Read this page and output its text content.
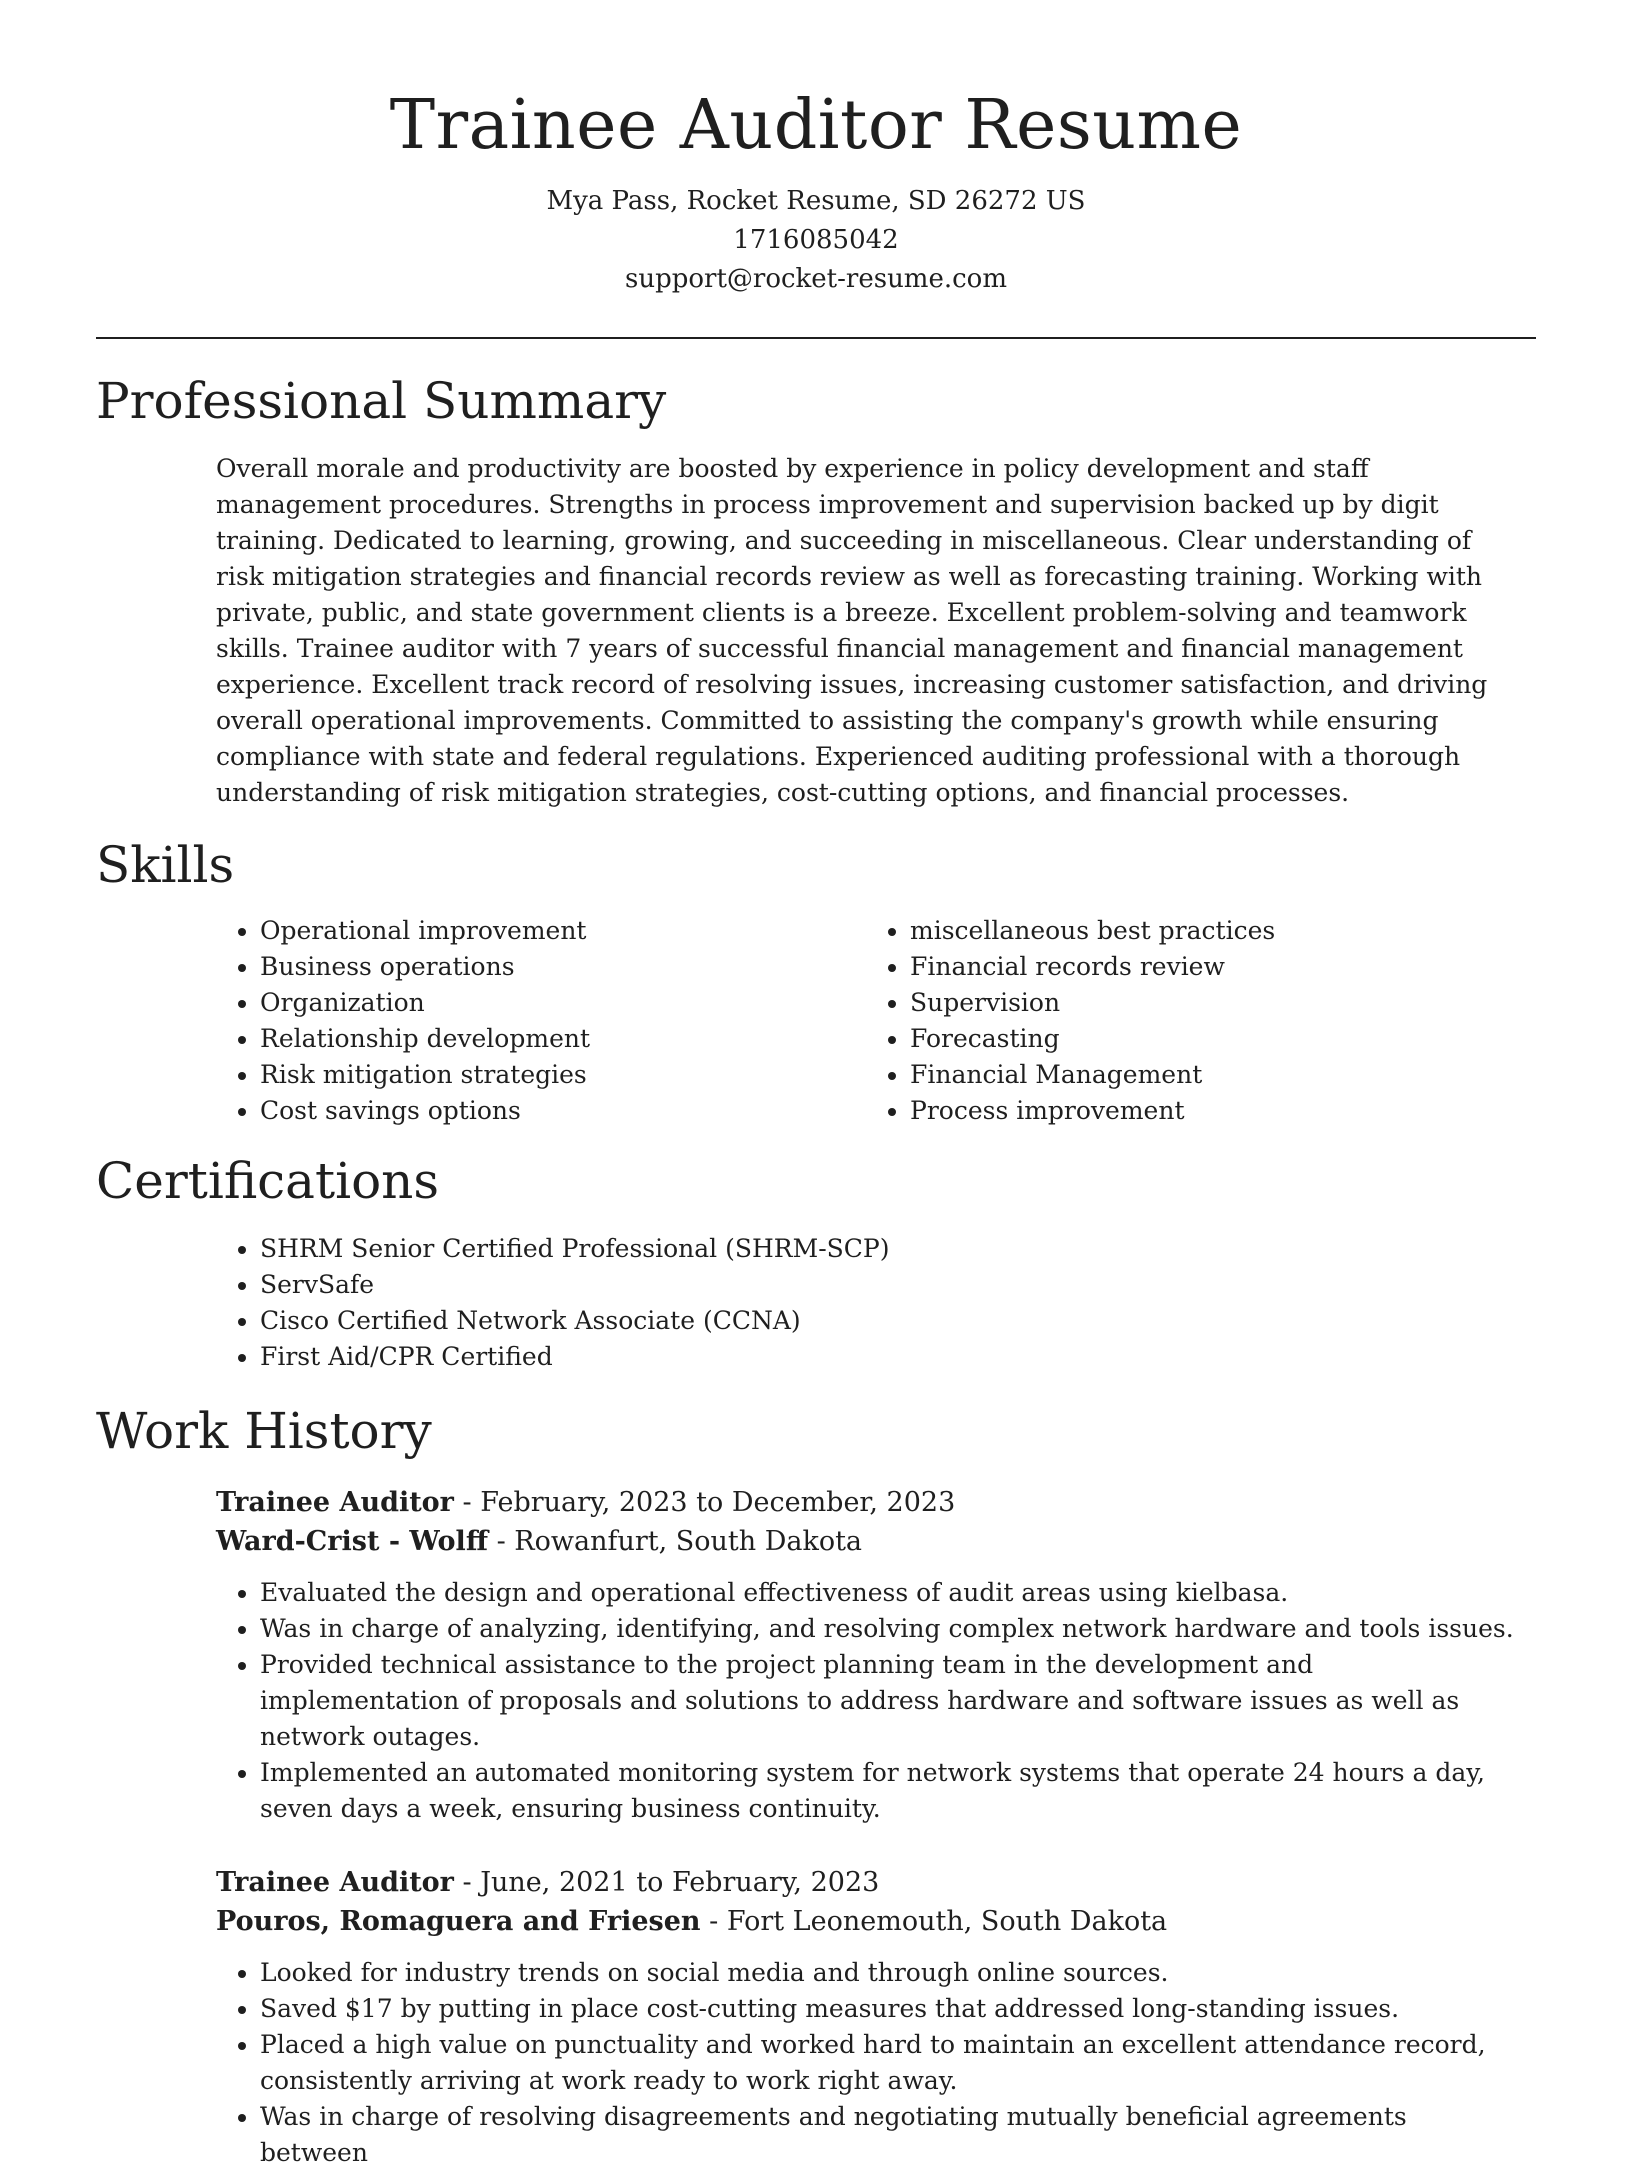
Trainee Auditor Resume
Mya Pass, Rocket Resume, SD 26272 US
1716085042
support@rocket-resume.com
Professional Summary

Overall morale and productivity are boosted by experience in policy development and staff management procedures. Strengths in process improvement and supervision backed up by digit training. Dedicated to learning, growing, and succeeding in miscellaneous. Clear understanding of risk mitigation strategies and financial records review as well as forecasting training. Working with private, public, and state government clients is a breeze. Excellent problem-solving and teamwork skills. Trainee auditor with 7 years of successful financial management and financial management experience. Excellent track record of resolving issues, increasing customer satisfaction, and driving overall operational improvements. Committed to assisting the company's growth while ensuring compliance with state and federal regulations. Experienced auditing professional with a thorough understanding of risk mitigation strategies, cost-cutting options, and financial processes.

Skills
• Operational improvement
• Business operations
• Organization
• Relationship development
• Risk mitigation strategies
• Cost savings options
• miscellaneous best practices
• Financial records review
• Supervision
• Forecasting
• Financial Management
• Process improvement
Certifications
• SHRM Senior Certified Professional (SHRM-SCP)
• ServSafe
• Cisco Certified Network Associate (CCNA)
• First Aid/CPR Certified
Work History
Trainee Auditor - February, 2023 to December, 2023
Ward-Crist - Wolff - Rowanfurt, South Dakota
• Evaluated the design and operational effectiveness of audit areas using kielbasa.
• Was in charge of analyzing, identifying, and resolving complex network hardware and tools issues.
• Provided technical assistance to the project planning team in the development and implementation of proposals and solutions to address hardware and software issues as well as network outages.
• Implemented an automated monitoring system for network systems that operate 24 hours a day, seven days a week, ensuring business continuity.
Trainee Auditor - June, 2021 to February, 2023
Pouros, Romaguera and Friesen - Fort Leonemouth, South Dakota
• Looked for industry trends on social media and through online sources.
• Saved $17 by putting in place cost-cutting measures that addressed long-standing issues.
• Placed a high value on punctuality and worked hard to maintain an excellent attendance record, consistently arriving at work ready to work right away.
• Was in charge of resolving disagreements and negotiating mutually beneficial agreements between
